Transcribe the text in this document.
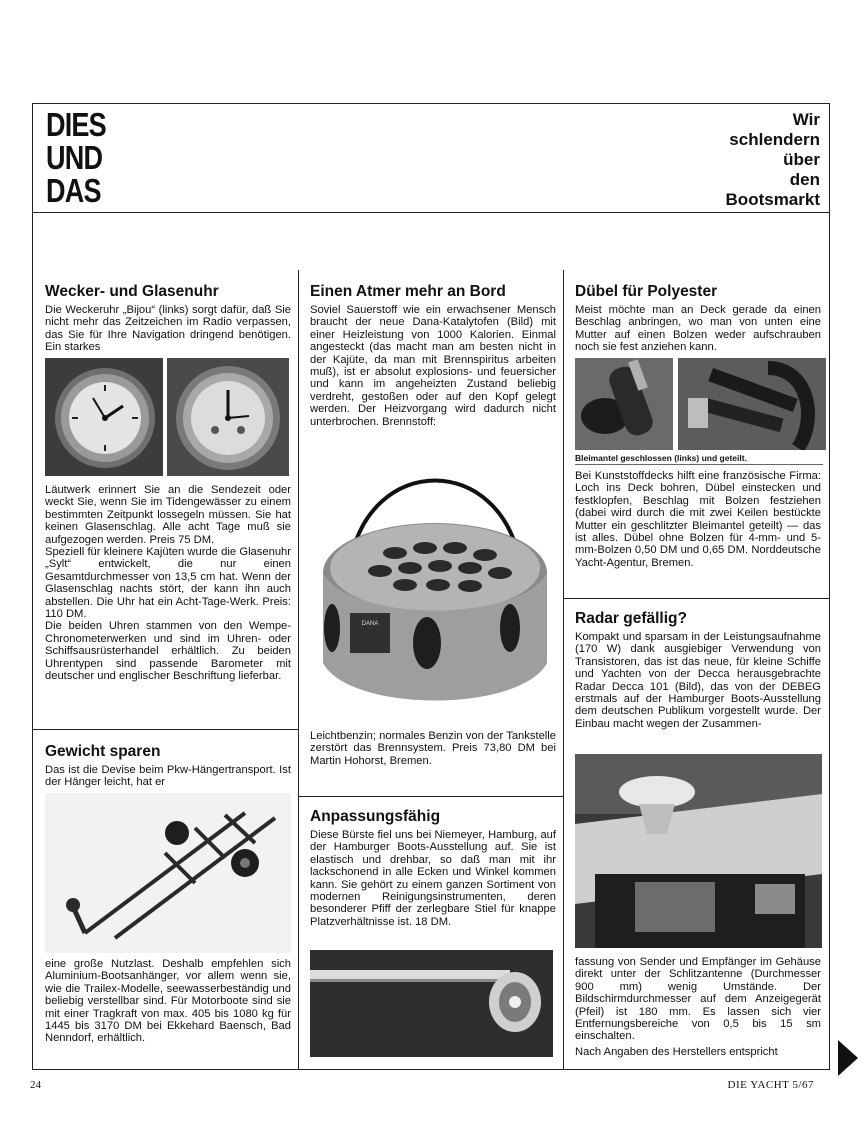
DIES
UND
DAS
Wir
schlendern
über
den
Bootsmarkt
Wecker- und Glasenuhr

Die Weckeruhr „Bijou“ (links) sorgt dafür, daß Sie nicht mehr das Zeitzeichen im Radio verpassen, das Sie für Ihre Navigation dringend benötigen. Ein starkes

Läutwerk erinnert Sie an die Sendezeit oder weckt Sie, wenn Sie im Tidengewässer zu einem bestimmten Zeitpunkt lossegeln müssen. Sie hat keinen Glasenschlag. Alle acht Tage muß sie aufgezogen werden. Preis 75 DM.

Speziell für kleinere Kajüten wurde die Glasenuhr „Sylt“ entwickelt, die nur einen Gesamtdurchmesser von 13,5 cm hat. Wenn der Glasenschlag nachts stört, der kann ihn auch abstellen. Die Uhr hat ein Acht-Tage-Werk. Preis: 110 DM.

Die beiden Uhren stammen von den Wempe-Chronometerwerken und sind im Uhren- oder Schiffsausrüsterhandel erhältlich. Zu beiden Uhrentypen sind passende Barometer mit deutscher und englischer Beschriftung lieferbar.

Gewicht sparen

Das ist die Devise beim Pkw-Hängertransport. Ist der Hänger leicht, hat er

eine große Nutzlast. Deshalb empfehlen sich Aluminium-Bootsanhänger, vor allem wenn sie, wie die Trailex-Modelle, seewasserbeständig und beliebig verstellbar sind. Für Motorboote sind sie mit einer Tragkraft von max. 405 bis 1080 kg für 1445 bis 3170 DM bei Ekkehard Baensch, Bad Nenndorf, erhältlich.

Einen Atmer mehr an Bord

Soviel Sauerstoff wie ein erwachsener Mensch braucht der neue Dana-Katalytofen (Bild) mit einer Heizleistung von 1000 Kalorien. Einmal angesteckt (das macht man am besten nicht in der Kajüte, da man mit Brennspiritus arbeiten muß), ist er absolut explosions- und feuersicher und kann im angeheizten Zustand beliebig verdreht, gestoßen oder auf den Kopf gelegt werden. Der Heizvorgang wird dadurch nicht unterbrochen. Brennstoff:

DANA

Leichtbenzin; normales Benzin von der Tankstelle zerstört das Brennsystem. Preis 73,80 DM bei Martin Hohorst, Bremen.

Anpassungsfähig

Diese Bürste fiel uns bei Niemeyer, Hamburg, auf der Hamburger Boots-Ausstellung auf. Sie ist elastisch und drehbar, so daß man mit ihr lackschonend in alle Ecken und Winkel kommen kann. Sie gehört zu einem ganzen Sortiment von modernen Reinigungsinstrumenten, deren besonderer Pfiff der zerlegbare Stiel für knappe Platzverhältnisse ist. 18 DM.

Dübel für Polyester

Meist möchte man an Deck gerade da einen Beschlag anbringen, wo man von unten eine Mutter auf einen Bolzen weder aufschrauben noch sie fest anziehen kann.

Bleimantel geschlossen (links) und geteilt.

Bei Kunststoffdecks hilft eine französische Firma: Loch ins Deck bohren, Dübel einstecken und festklopfen, Beschlag mit Bolzen festziehen (dabei wird durch die mit zwei Keilen bestückte Mutter ein geschlitzter Bleimantel geteilt) — das ist alles. Dübel ohne Bolzen für 4-mm- und 5-mm-Bolzen 0,50 DM und 0,65 DM. Norddeutsche Yacht-Agentur, Bremen.

Radar gefällig?

Kompakt und sparsam in der Leistungsaufnahme (170 W) dank ausgiebiger Verwendung von Transistoren, das ist das neue, für kleine Schiffe und Yachten von der Decca herausgebrachte Radar Decca 101 (Bild), das von der DEBEG erstmals auf der Hamburger Boots-Ausstellung dem deutschen Publikum vorgestellt wurde. Der Einbau macht wegen der Zusammen-

fassung von Sender und Empfänger im Gehäuse direkt unter der Schlitzantenne (Durchmesser 900 mm) wenig Umstände. Der Bildschirmdurchmesser auf dem Anzeigegerät (Pfeil) ist 180 mm. Es lassen sich vier Entfernungsbereiche von 0,5 bis 15 sm einschalten.

Nach Angaben des Herstellers entspricht

24	DIE YACHT 5/67
